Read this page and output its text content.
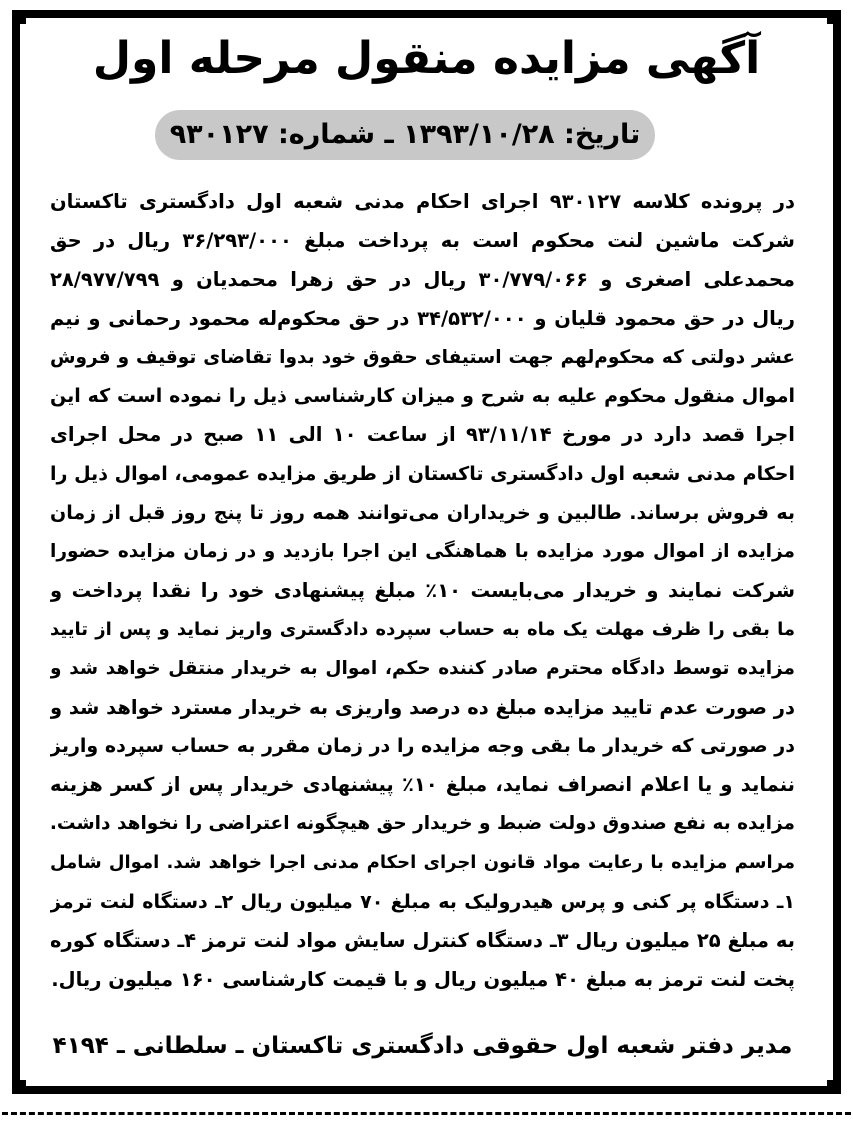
آگهی مزایده منقول مرحله اول
تاریخ: ۱۳۹۳/۱۰/۲۸ ـ شماره: ۹۳۰۱۲۷
در پرونده کلاسه ۹۳۰۱۲۷ اجرای احکام مدنی شعبه اول دادگستری تاکستان
شرکت ماشین لنت محکوم است به پرداخت مبلغ ۳۶/۲۹۳/۰۰۰ ریال در حق
محمدعلی اصغری و ۳۰/۷۷۹/۰۶۶ ریال در حق زهرا محمدیان و ۲۸/۹۷۷/۷۹۹
ریال در حق محمود قلیان و ۳۴/۵۳۲/۰۰۰ در حق محکوم‌له محمود رحمانی و نیم
عشر دولتی که محکوم‌لهم جهت استیفای حقوق خود بدوا تقاضای توقیف و فروش
اموال منقول محکوم علیه به شرح و میزان کارشناسی ذیل را نموده است که این
اجرا قصد دارد در مورخ ۹۳/۱۱/۱۴ از ساعت ۱۰ الی ۱۱ صبح در محل اجرای
احکام مدنی شعبه اول دادگستری تاکستان از طریق مزایده عمومی، اموال ذیل را
به فروش برساند. طالبین و خریداران می‌توانند همه روز تا پنج روز قبل از زمان
مزایده از اموال مورد مزایده با هماهنگی این اجرا بازدید و در زمان مزایده حضورا
شرکت نمایند و خریدار می‌بایست ۱۰٪ مبلغ پیشنهادی خود را نقدا پرداخت و
ما بقی را ظرف مهلت یک ماه به حساب سپرده دادگستری واریز نماید و پس از تایید
مزایده توسط دادگاه محترم صادر کننده حکم، اموال به خریدار منتقل خواهد شد و
در صورت عدم تایید مزایده مبلغ ده درصد واریزی به خریدار مسترد خواهد شد و
در صورتی که خریدار ما بقی وجه مزایده را در زمان مقرر به حساب سپرده واریز
ننماید و یا اعلام انصراف نماید، مبلغ ۱۰٪ پیشنهادی خریدار پس از کسر هزینه
مزایده به نفع صندوق دولت ضبط و خریدار حق هیچگونه اعتراضی را نخواهد داشت.
مراسم مزایده با رعایت مواد قانون اجرای احکام مدنی اجرا خواهد شد. اموال شامل
۱ـ دستگاه پر کنی و پرس هیدرولیک به مبلغ ۷۰ میلیون ریال ۲ـ دستگاه لنت ترمز
به مبلغ ۲۵ میلیون ریال ۳ـ دستگاه کنترل سایش مواد لنت ترمز ۴ـ دستگاه کوره
پخت لنت ترمز به مبلغ ۴۰ میلیون ریال و با قیمت کارشناسی ۱۶۰ میلیون ریال.
مدیر دفتر شعبه اول حقوقی دادگستری تاکستان ـ سلطانی ـ ۴۱۹۴
